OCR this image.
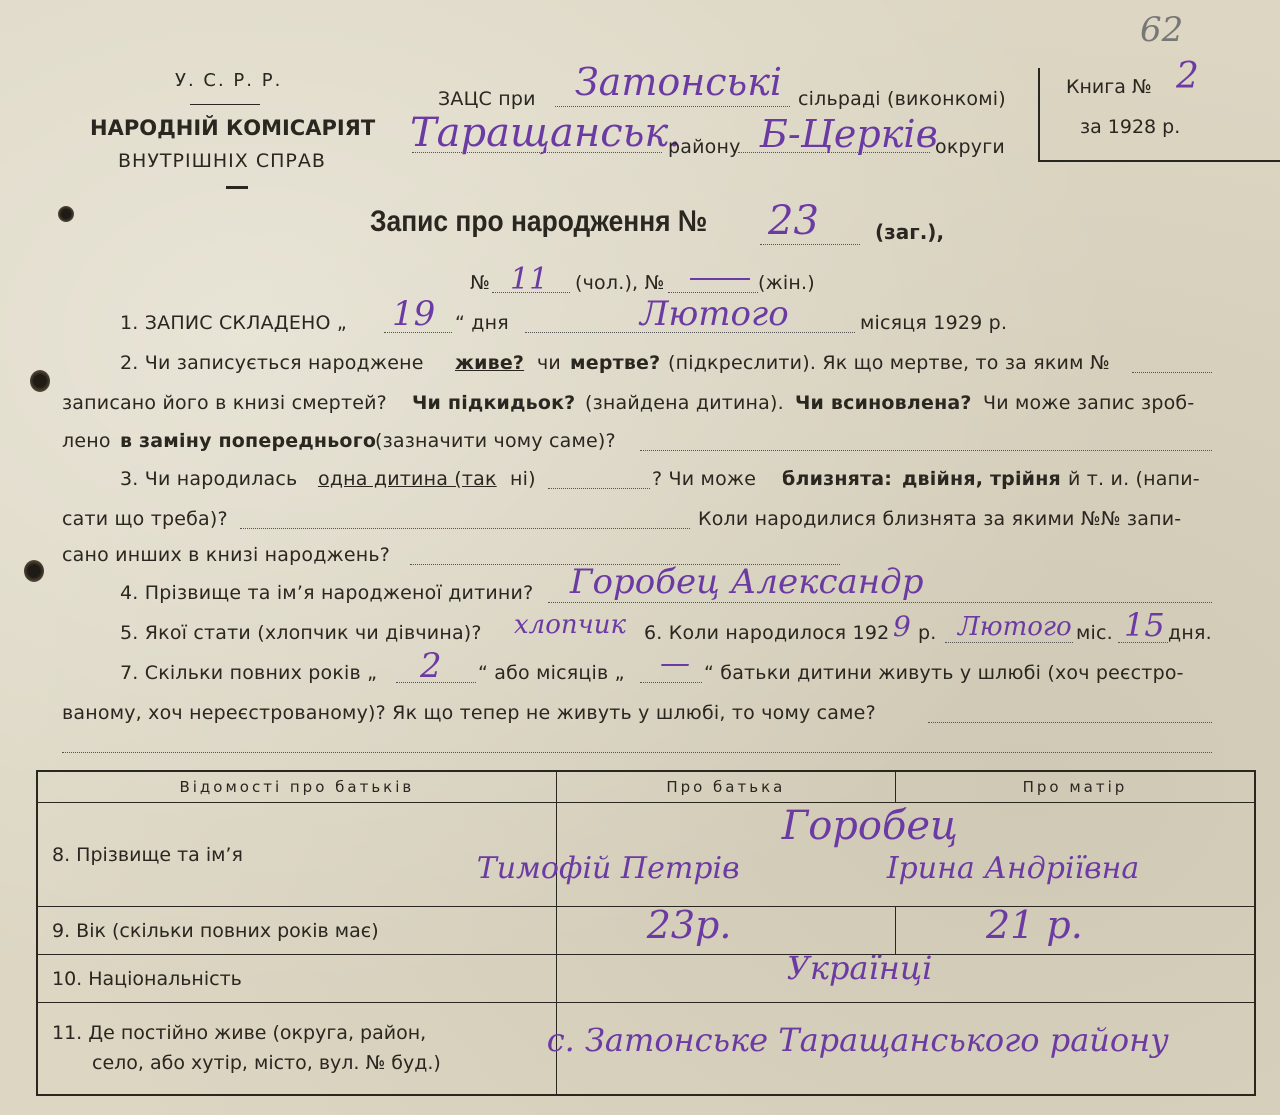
62
У. С. Р. Р.
НАРОДНІЙ КОМІСАРІЯТ
ВНУТРІШНІХ СПРАВ
ЗАЦС при Затонські сільраді (виконкомі)
Таращанськ.
району Б-Церків
округи
Книга № 2
за 1928 р.
Запис про народження № 23	(заг.),
№ 11 (чол.), №	(жін.)
1. ЗАПИС СКЛАДЕНО „ 19 “ дня	Лютого	місяця 1929 р.
2. Чи записується народжене живе? чи мертве? (підкреслити). Як що мертве, то за яким №
записано його в книзі смертей? Чи підкидьок? (знайдена дитина). Чи всиновлена? Чи може запис зроб-
лено в заміну попереднього
(зазначити чому саме)?
3. Чи народилась одна дитина (так ні)	? Чи може близнята: двійня, трійня й т. и. (напи-
сати що треба)?	Коли народилися близнята за якими №№ запи-
сано инших в книзі народжень?
4. Прізвище та ім’я народженої дитини? Горобец Александр
5. Якої стати (хлопчик чи дівчина)? хлопчик 6. Коли народилося 192 9 р. Лютого міс. 15 дня.
7. Скільки повних років „ 2 “ або місяців „ — “ батьки дитини живуть у шлюбі (хоч реєстро-
ваному, хоч нереєстрованому)? Як що тепер не живуть у шлюбі, то чому саме?
Відомості про батьків	Про батька	Про матір
8. Прізвище та ім’я	Горобец
Тимофій Петрів Ірина Андріївна	

9. Вік (скільки повних років має)	23р.	21 р.

10. Національність	Українці	

11. Де постійно живе (округа, район,
село, або хутір, місто, вул. № буд.)	с. Затонське Таращанського району	
